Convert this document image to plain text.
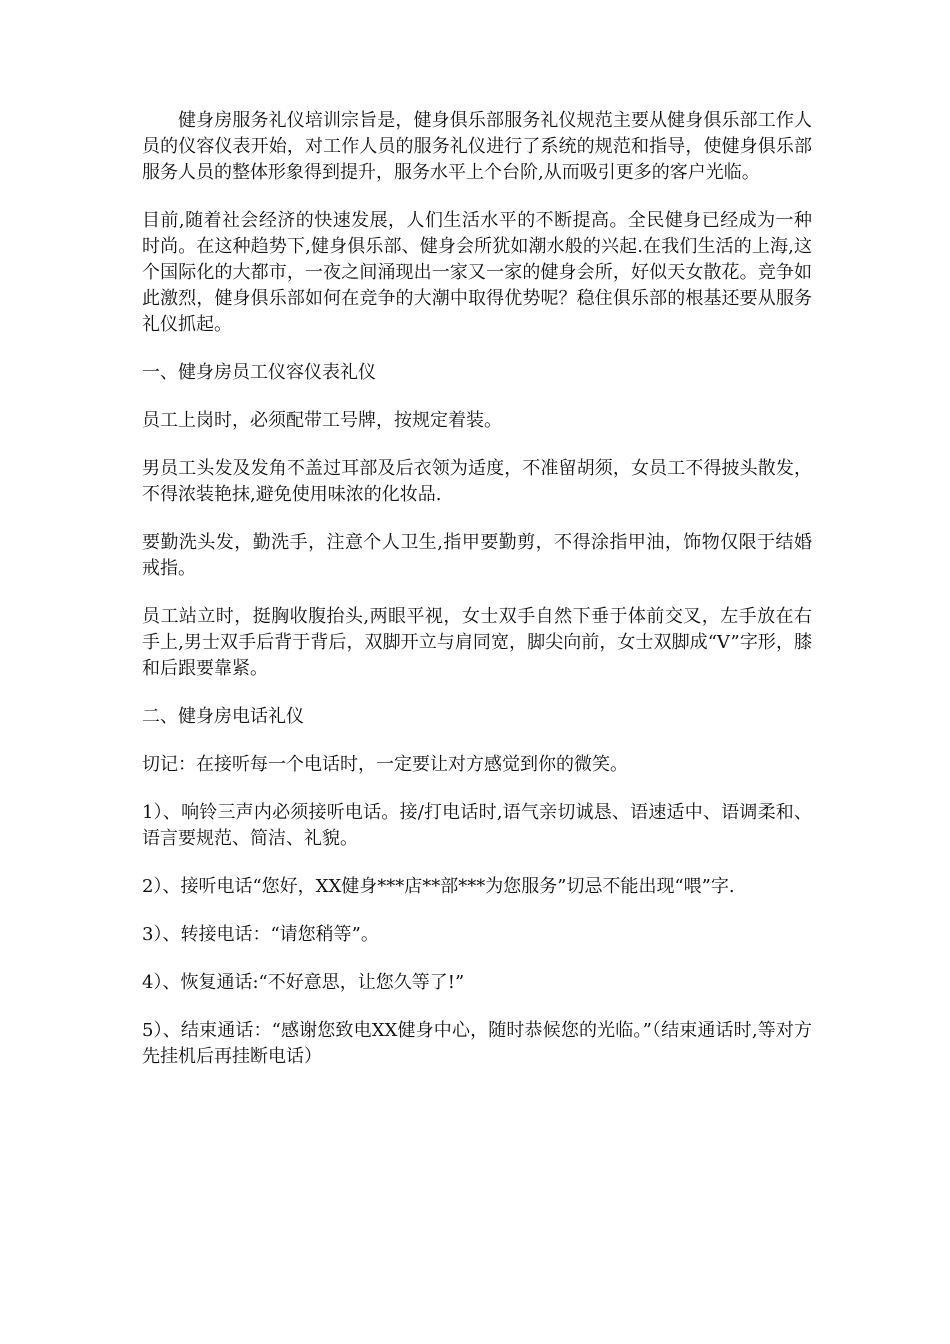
健身房服务礼仪培训宗旨是，健身俱乐部服务礼仪规范主要从健身俱乐部工作人员的仪容仪表开始，对工作人员的服务礼仪进行了系统的规范和指导，使健身俱乐部服务人员的整体形象得到提升，服务水平上个台阶,从而吸引更多的客户光临。

目前,随着社会经济的快速发展，人们生活水平的不断提高。全民健身已经成为一种时尚。在这种趋势下,健身俱乐部、健身会所犹如潮水般的兴起.在我们生活的上海,这个国际化的大都市，一夜之间涌现出一家又一家的健身会所，好似天女散花。竞争如此激烈，健身俱乐部如何在竞争的大潮中取得优势呢？稳住俱乐部的根基还要从服务礼仪抓起。

一、健身房员工仪容仪表礼仪

员工上岗时，必须配带工号牌，按规定着装。

男员工头发及发角不盖过耳部及后衣领为适度，不准留胡须，女员工不得披头散发，不得浓装艳抹,避免使用味浓的化妆品.

要勤洗头发，勤洗手，注意个人卫生,指甲要勤剪，不得涂指甲油，饰物仅限于结婚戒指。

员工站立时，挺胸收腹抬头,两眼平视，女士双手自然下垂于体前交叉，左手放在右手上,男士双手后背于背后，双脚开立与肩同宽，脚尖向前，女士双脚成“V”字形，膝和后跟要靠紧。

二、健身房电话礼仪

切记：在接听每一个电话时，一定要让对方感觉到你的微笑。

1）、响铃三声内必须接听电话。接/打电话时,语气亲切诚恳、语速适中、语调柔和、语言要规范、简洁、礼貌。

2）、接听电话“您好，XX健身***店**部***为您服务”切忌不能出现“喂”字.

3）、转接电话：“请您稍等”。

4）、恢复通话:“不好意思，让您久等了!”

5）、结束通话：“感谢您致电XX健身中心，随时恭候您的光临。”（结束通话时,等对方先挂机后再挂断电话）
